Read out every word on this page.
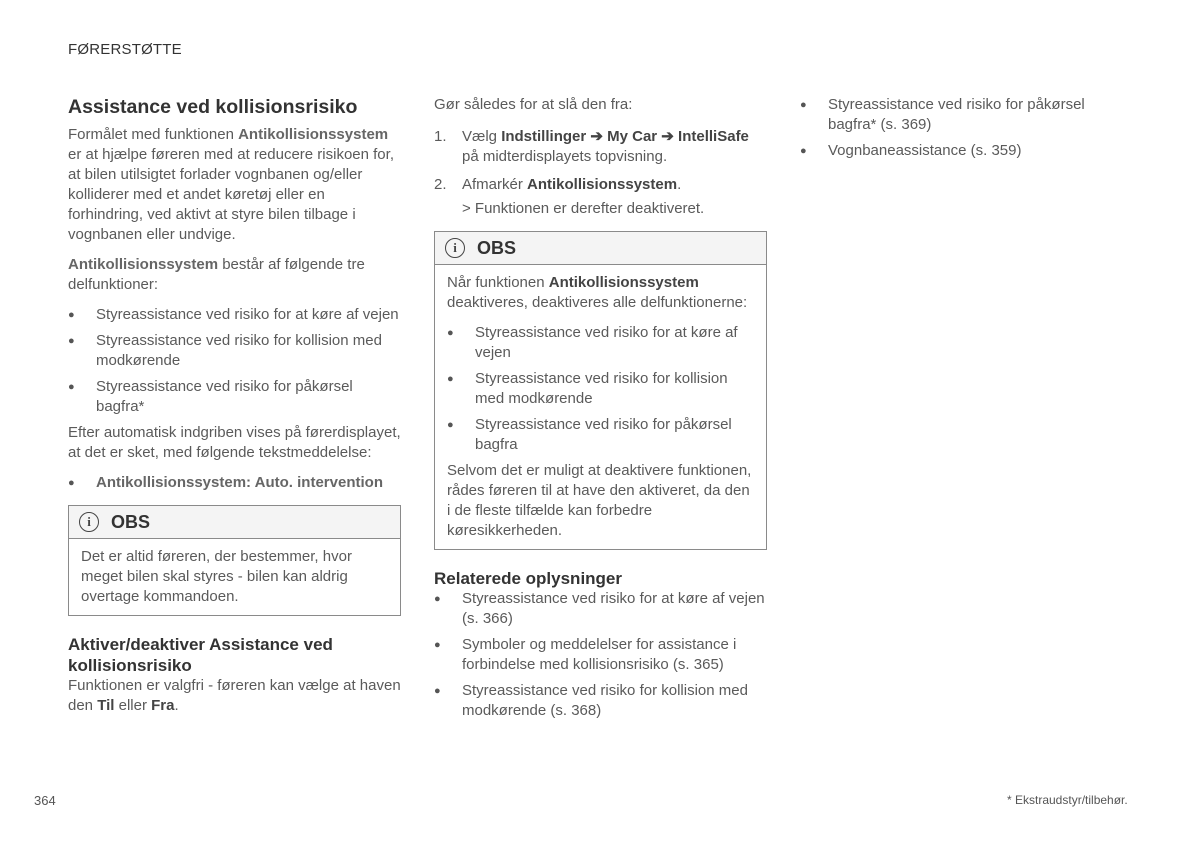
FØRERSTØTTE
Assistance ved kollisionsrisiko

Formålet med funktionen Antikollisionssystem er at hjælpe føreren med at reducere risikoen for, at bilen utilsigtet forlader vognbanen og/eller kolliderer med et andet køretøj eller en forhindring, ved aktivt at styre bilen tilbage i vognbanen eller undvige.

Antikollisionssystem består af følgende tre delfunktioner:

● Styreassistance ved risiko for at køre af vejen
● Styreassistance ved risiko for kollision med modkørende
● Styreassistance ved risiko for påkørsel bagfra*

Efter automatisk indgriben vises på førerdisplayet, at det er sket, med følgende tekstmeddelelse:

● Antikollisionssystem: Auto. intervention
i	OBS

Det er altid føreren, der bestemmer, hvor meget bilen skal styres - bilen kan aldrig overtage kommandoen.

Aktiver/deaktiver Assistance ved kollisionsrisiko

Funktionen er valgfri - føreren kan vælge at haven den Til eller Fra.

Gør således for at slå den fra:

1. Vælg Indstillinger ➔ My Car ➔ IntelliSafe på midterdisplayets topvisning.
2. Afmarkér Antikollisionssystem.
> Funktionen er derefter deaktiveret.
i	OBS

Når funktionen Antikollisionssystem deaktiveres, deaktiveres alle delfunktionerne:

● Styreassistance ved risiko for at køre af vejen
● Styreassistance ved risiko for kollision med modkørende
● Styreassistance ved risiko for påkørsel bagfra

Selvom det er muligt at deaktivere funktionen, rådes føreren til at have den aktiveret, da den i de fleste tilfælde kan forbedre køresikkerheden.

Relaterede oplysninger
● Styreassistance ved risiko for at køre af vejen (s. 366)
● Symboler og meddelelser for assistance i forbindelse med kollisionsrisiko (s. 365)
● Styreassistance ved risiko for kollision med modkørende (s. 368)
● Styreassistance ved risiko for påkørsel bagfra* (s. 369)
● Vognbaneassistance (s. 359)
364	* Ekstraudstyr/tilbehør.
